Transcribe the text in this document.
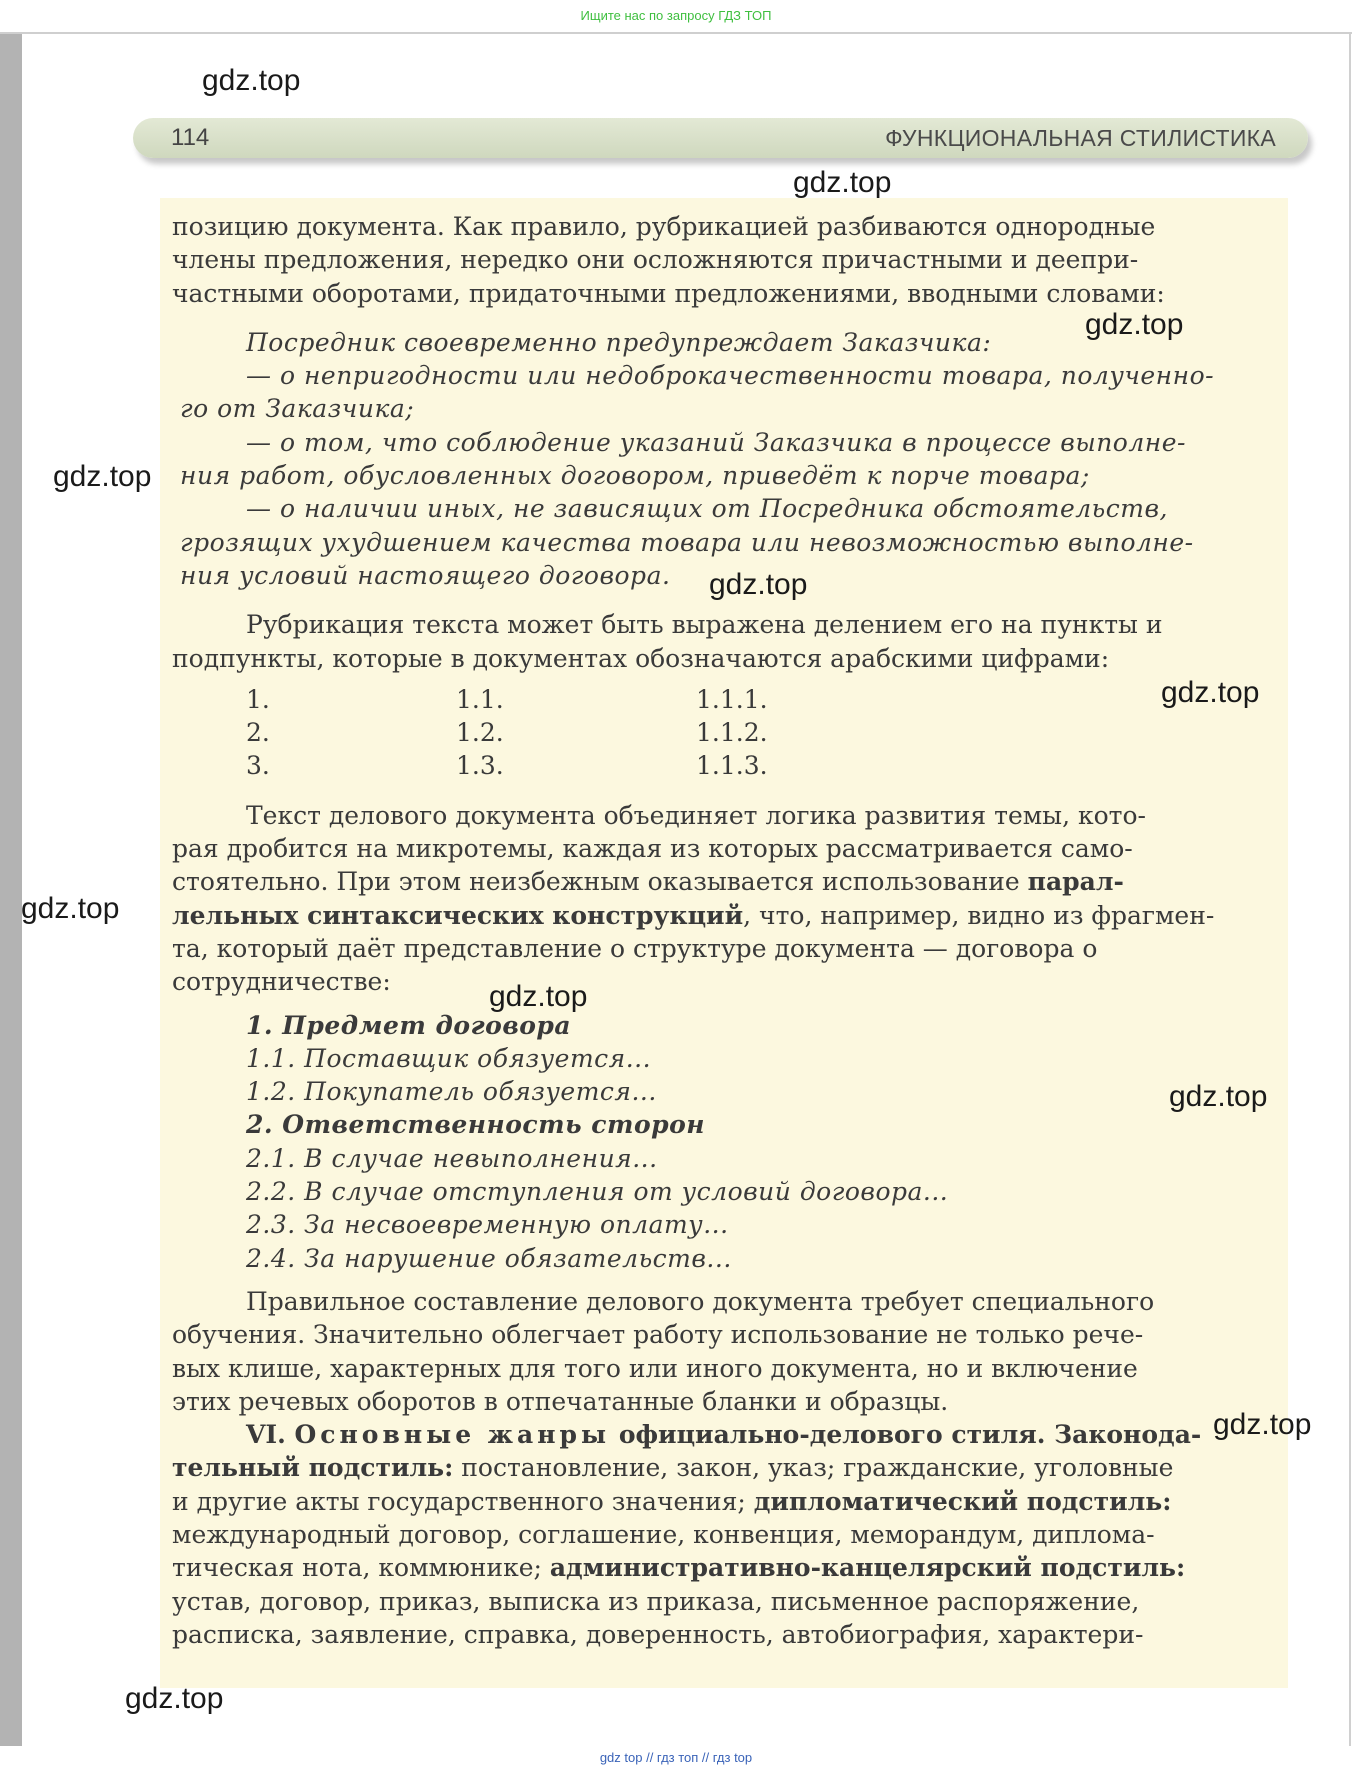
Ищите нас по запросу ГДЗ ТОП
114	ФУНКЦИОНАЛЬНАЯ СТИЛИСТИКА

позицию документа. Как правило, рубрикацией разбиваются однородные

члены предложения, нередко они осложняются причастными и деепри-

частными оборотами, придаточными предложениями, вводными словами:

Посредник своевременно предупреждает Заказчика:

— о непригодности или недоброкачественности товара, полученно-

го от Заказчика;

— о том, что соблюдение указаний Заказчика в процессе выполне-

ния работ, обусловленных договором, приведёт к порче товара;

— о наличии иных, не зависящих от Посредника обстоятельств,

грозящих ухудшением качества товара или невозможностью выполне-

ния условий настоящего договора.

Рубрикация текста может быть выражена делением его на пункты и

подпункты, которые в документах обозначаются арабскими цифрами:

1.	1.1.	1.1.1.
2.	1.2.	1.1.2.
3.	1.3.	1.1.3.

Текст делового документа объединяет логика развития темы, кото-

рая дробится на микротемы, каждая из которых рассматривается само-

стоятельно. При этом неизбежным оказывается использование парал-

лельных синтаксических конструкций, что, например, видно из фрагмен-

та, который даёт представление о структуре документа — договора о

сотрудничестве:

1. Предмет договора

1.1. Поставщик обязуется...

1.2. Покупатель обязуется...

2. Ответственность сторон

2.1. В случае невыполнения...

2.2. В случае отступления от условий договора...

2.3. За несвоевременную оплату...

2.4. За нарушение обязательств...

Правильное составление делового документа требует специального

обучения. Значительно облегчает работу использование не только рече-

вых клише, характерных для того или иного документа, но и включение

этих речевых оборотов в отпечатанные бланки и образцы.

VI. Основные жанры официально-делового стиля. Законода-

тельный подстиль: постановление, закон, указ; гражданские, уголовные

и другие акты государственного значения; дипломатический подстиль:

международный договор, соглашение, конвенция, меморандум, диплома-

тическая нота, коммюнике; административно-канцелярский подстиль:

устав, договор, приказ, выписка из приказа, письменное распоряжение,

расписка, заявление, справка, доверенность, автобиография, характери-

gdz.top
gdz.top
gdz.top
gdz.top
gdz.top
gdz.top
gdz.top
gdz.top
gdz.top
gdz.top
gdz.top
gdz top // гдз топ // гдз top
